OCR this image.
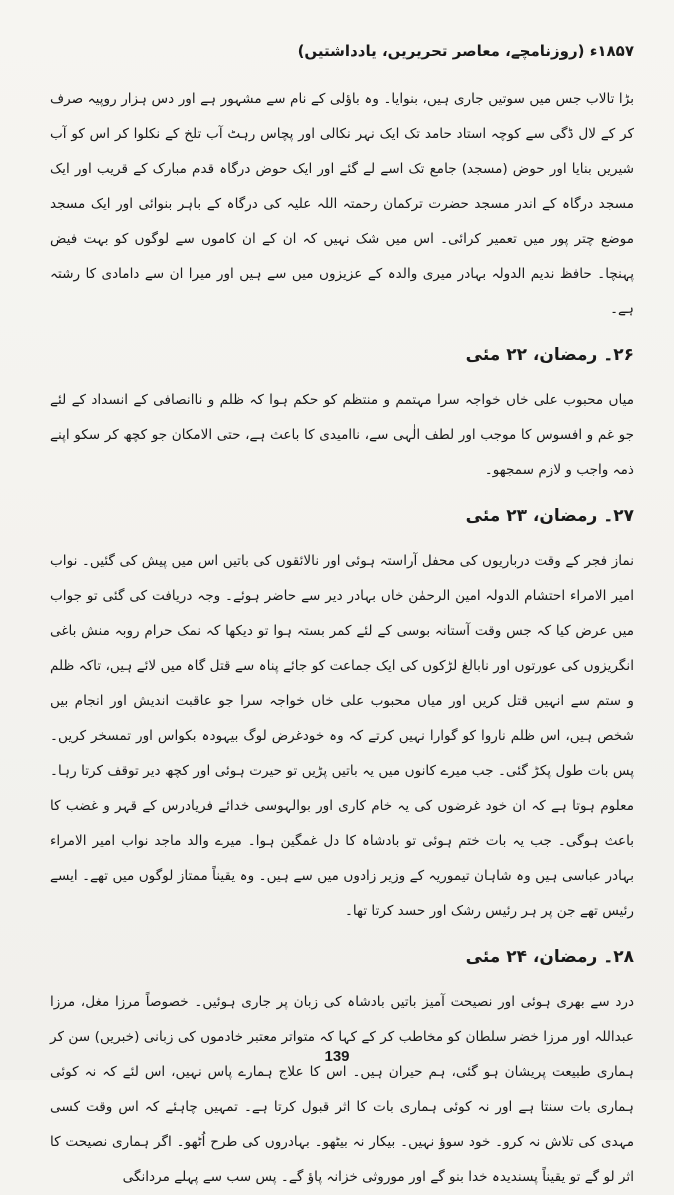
۱۸۵۷ء (روزنامچے، معاصر تحریریں، یادداشتیں)

بڑا تالاب جس میں سوتیں جاری ہیں، بنوایا۔ وہ باؤلی کے نام سے مشہور ہے اور دس ہزار روپیہ صرف کر کے لال ڈگی سے کوچہ استاد حامد تک ایک نہر نکالی اور پچاس رہٹ آب تلخ کے نکلوا کر اس کو آب شیریں بنایا اور حوض (مسجد) جامع تک اسے لے گئے اور ایک حوض درگاہ قدم مبارک کے قریب اور ایک مسجد درگاہ کے اندر مسجد حضرت ترکمان رحمتہ اللہ علیہ کی درگاہ کے باہر بنوائی اور ایک مسجد موضع چتر پور میں تعمیر کرائی۔ اس میں شک نہیں کہ ان کے ان کاموں سے لوگوں کو بہت فیض پہنچا۔ حافظ ندیم الدولہ بہادر میری والدہ کے عزیزوں میں سے ہیں اور میرا ان سے دامادی کا رشتہ ہے۔

۲۶۔ رمضان، ۲۲ مئی

میاں محبوب علی خاں خواجہ سرا مہتمم و منتظم کو حکم ہوا کہ ظلم و ناانصافی کے انسداد کے لئے جو غم و افسوس کا موجب اور لطف الٰہی سے، ناامیدی کا باعث ہے، حتی الامکان جو کچھ کر سکو اپنے ذمہ واجب و لازم سمجھو۔

۲۷۔ رمضان، ۲۳ مئی

نماز فجر کے وقت درباریوں کی محفل آراستہ ہوئی اور نالائقوں کی باتیں اس میں پیش کی گئیں۔ نواب امیر الامراء احتشام الدولہ امین الرحمٰن خاں بہادر دیر سے حاضر ہوئے۔ وجہ دریافت کی گئی تو جواب میں عرض کیا کہ جس وقت آستانہ بوسی کے لئے کمر بستہ ہوا تو دیکھا کہ نمک حرام روبہ منش باغی انگریزوں کی عورتوں اور نابالغ لڑکوں کی ایک جماعت کو جائے پناہ سے قتل گاہ میں لائے ہیں، تاکہ ظلم و ستم سے انہیں قتل کریں اور میاں محبوب علی خاں خواجہ سرا جو عاقبت اندیش اور انجام بیں شخص ہیں، اس ظلم ناروا کو گوارا نہیں کرتے کہ وہ خودغرض لوگ بیہودہ بکواس اور تمسخر کریں۔ پس بات طول پکڑ گئی۔ جب میرے کانوں میں یہ باتیں پڑیں تو حیرت ہوئی اور کچھ دیر توقف کرتا رہا۔ معلوم ہوتا ہے کہ ان خود غرضوں کی یہ خام کاری اور بوالہوسی خدائے فریادرس کے قہر و غضب کا باعث ہوگی۔ جب یہ بات ختم ہوئی تو بادشاہ کا دل غمگین ہوا۔ میرے والد ماجد نواب امیر الامراء بہادر عباسی ہیں وہ شاہان تیموریہ کے وزیر زادوں میں سے ہیں۔ وہ یقیناً ممتاز لوگوں میں تھے۔ ایسے رئیس تھے جن پر ہر رئیس رشک اور حسد کرتا تھا۔

۲۸۔ رمضان، ۲۴ مئی

درد سے بھری ہوئی اور نصیحت آمیز باتیں بادشاہ کی زبان پر جاری ہوئیں۔ خصوصاً مرزا مغل، مرزا عبداللہ اور مرزا خضر سلطان کو مخاطب کر کے کہا کہ متواتر معتبر خادموں کی زبانی (خبریں) سن کر ہماری طبیعت پریشان ہو گئی، ہم حیران ہیں۔ اس کا علاج ہمارے پاس نہیں، اس لئے کہ نہ کوئی ہماری بات سنتا ہے اور نہ کوئی ہماری بات کا اثر قبول کرتا ہے۔ تمہیں چاہئے کہ اس وقت کسی مہدی کی تلاش نہ کرو۔ خود سوؤ نہیں۔ بیکار نہ بیٹھو۔ بہادروں کی طرح اُٹھو۔ اگر ہماری نصیحت کا اثر لو گے تو یقیناً پسندیدہ خدا بنو گے اور موروثی خزانہ پاؤ گے۔ پس سب سے پہلے مردانگی

139
